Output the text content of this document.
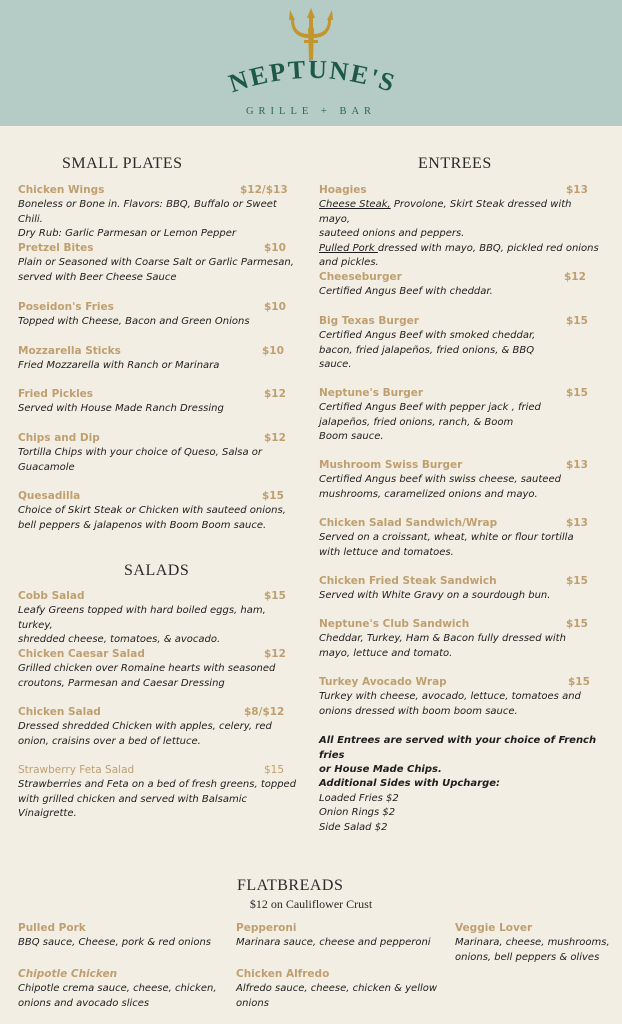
NEPTUNE'S
GRILLE + BAR
SMALL PLATES
Chicken Wings	$12/$13
Boneless or Bone in. Flavors: BBQ, Buffalo or Sweet Chili.
Dry Rub: Garlic Parmesan or Lemon Pepper
Pretzel Bites	$10
Plain or Seasoned with Coarse Salt or Garlic Parmesan,
served with Beer Cheese Sauce
Poseidon's Fries	$10
Topped with Cheese, Bacon and Green Onions
Mozzarella Sticks	$10
Fried Mozzarella with Ranch or Marinara
Fried Pickles	$12
Served with House Made Ranch Dressing
Chips and Dip	$12
Tortilla Chips with your choice of Queso, Salsa or
Guacamole
Quesadilla	$15
Choice of Skirt Steak or Chicken with sauteed onions,
bell peppers & jalapenos with Boom Boom sauce.
SALADS
Cobb Salad	$15
Leafy Greens topped with hard boiled eggs, ham, turkey,
shredded cheese, tomatoes, & avocado.
Chicken Caesar Salad	$12
Grilled chicken over Romaine hearts with seasoned
croutons, Parmesan and Caesar Dressing
Chicken Salad	$8/$12
Dressed shredded Chicken with apples, celery, red
onion, craisins over a bed of lettuce.
Strawberry Feta Salad	$15
Strawberries and Feta on a bed of fresh greens, topped
with grilled chicken and served with Balsamic
Vinaigrette.
ENTREES
Hoagies	$13
Cheese Steak, Provolone, Skirt Steak dressed with mayo,
sauteed onions and peppers.
Pulled Pork dressed with mayo, BBQ, pickled red onions
and pickles.
Cheeseburger	$12
Certified Angus Beef with cheddar.
Big Texas Burger	$15
Certified Angus Beef with smoked cheddar,
bacon, fried jalapeños, fried onions, & BBQ
sauce.
Neptune's Burger	$15
Certified Angus Beef with pepper jack , fried
jalapeños, fried onions, ranch, & Boom
Boom sauce.
Mushroom Swiss Burger	$13
Certified Angus beef with swiss cheese, sauteed
mushrooms, caramelized onions and mayo.
Chicken Salad Sandwich/Wrap	$13
Served on a croissant, wheat, white or flour tortilla
with lettuce and tomatoes.
Chicken Fried Steak Sandwich	$15
Served with White Gravy on a sourdough bun.
Neptune's Club Sandwich	$15
Cheddar, Turkey, Ham & Bacon fully dressed with
mayo, lettuce and tomato.
Turkey Avocado Wrap	$15
Turkey with cheese, avocado, lettuce, tomatoes and
onions dressed with boom boom sauce.
All Entrees are served with your choice of French fries
or House Made Chips.
Additional Sides with Upcharge:
Loaded Fries $2
Onion Rings $2
Side Salad $2
FLATBREADS
$12 on Cauliflower Crust
Pulled Pork
BBQ sauce, Cheese, pork & red onions
Pepperoni
Marinara sauce, cheese and pepperoni
Veggie Lover
Marinara, cheese, mushrooms,
onions, bell peppers & olives
Chipotle Chicken
Chipotle crema sauce, cheese, chicken,
onions and avocado slices
Chicken Alfredo
Alfredo sauce, cheese, chicken & yellow
onions
